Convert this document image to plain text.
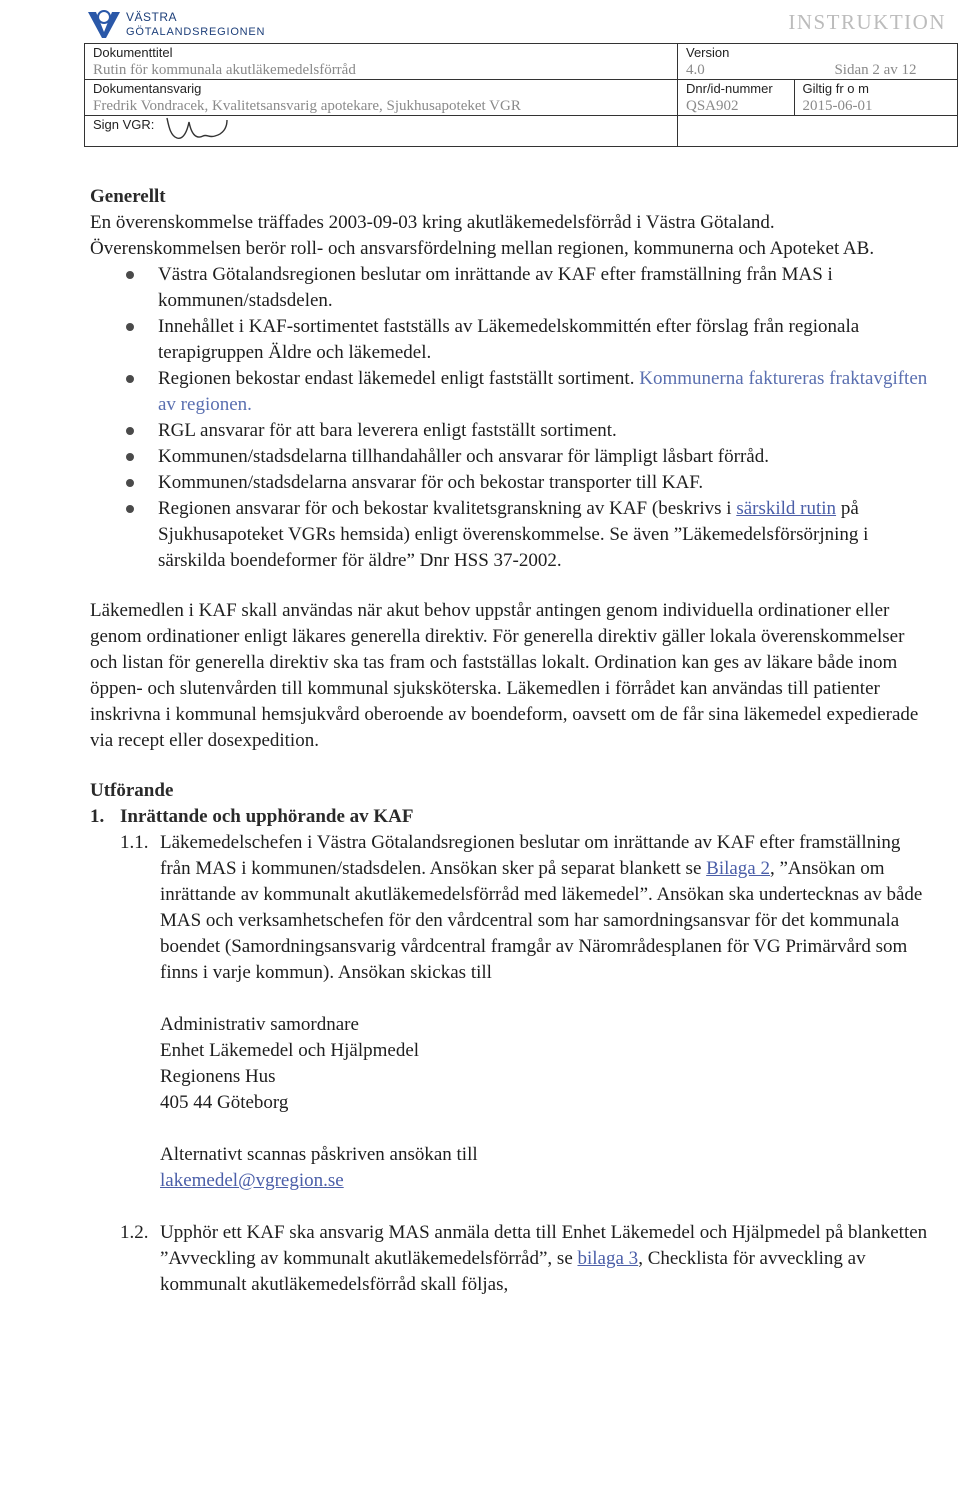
VÄSTRA
GÖTALANDSREGIONEN	INSTRUKTION
Dokumenttitel	Version	
Rutin för kommunala akutläkemedelsförråd	4.0	Sidan 2 av 12
Dokumentansvarig	Dnr/id-nummer	Giltig fr o m
Fredrik Vondracek, Kvalitetsansvarig apotekare, Sjukhusapoteket VGR	QSA902	2015-06-01
Sign VGR:

Generellt

En överenskommelse träffades 2003-09-03 kring akutläkemedelsförråd i Västra Götaland. Överenskommelsen berör roll- och ansvarsfördelning mellan regionen, kommunerna och Apoteket AB.

Västra Götalandsregionen beslutar om inrättande av KAF efter framställning från MAS i kommunen/stadsdelen.
Innehållet i KAF-sortimentet fastställs av Läkemedelskommittén efter förslag från regionala terapigruppen Äldre och läkemedel.
Regionen bekostar endast läkemedel enligt fastställt sortiment. Kommunerna faktureras fraktavgiften av regionen.
RGL ansvarar för att bara leverera enligt fastställt sortiment.
Kommunen/stadsdelarna tillhandahåller och ansvarar för lämpligt låsbart förråd.
Kommunen/stadsdelarna ansvarar för och bekostar transporter till KAF.
Regionen ansvarar för och bekostar kvalitetsgranskning av KAF (beskrivs i särskild rutin på Sjukhusapoteket VGRs hemsida) enligt överenskommelse. Se även ”Läkemedelsförsörjning i särskilda boendeformer för äldre” Dnr HSS 37-2002.

Läkemedlen i KAF skall användas när akut behov uppstår antingen genom individuella ordinationer eller genom ordinationer enligt läkares generella direktiv. För generella direktiv gäller lokala överenskommelser och listan för generella direktiv ska tas fram och fastställas lokalt. Ordination kan ges av läkare både inom öppen- och slutenvården till kommunal sjuksköterska. Läkemedlen i förrådet kan användas till patienter inskrivna i kommunal hemsjukvård oberoende av boendeform, oavsett om de får sina läkemedel expedierade via recept eller dosexpedition.

Utförande

1. Inrättande och upphörande av KAF
1.1. Läkemedelschefen i Västra Götalandsregionen beslutar om inrättande av KAF efter framställning från MAS i kommunen/stadsdelen. Ansökan sker på separat blankett se Bilaga 2, ”Ansökan om inrättande av kommunalt akutläkemedelsförråd med läkemedel”. Ansökan ska undertecknas av både MAS och verksamhetschefen för den vårdcentral som har samordningsansvar för det kommunala boendet (Samordningsansvarig vårdcentral framgår av Närområdesplanen för VG Primärvård som finns i varje kommun). Ansökan skickas till
Administrativ samordnare
Enhet Läkemedel och Hjälpmedel
Regionens Hus
405 44 Göteborg
Alternativt scannas påskriven ansökan till
lakemedel@vgregion.se
1.2. Upphör ett KAF ska ansvarig MAS anmäla detta till Enhet Läkemedel och Hjälpmedel på blanketten ”Avveckling av kommunalt akutläkemedelsförråd”, se bilaga 3, Checklista för avveckling av kommunalt akutläkemedelsförråd skall följas,
